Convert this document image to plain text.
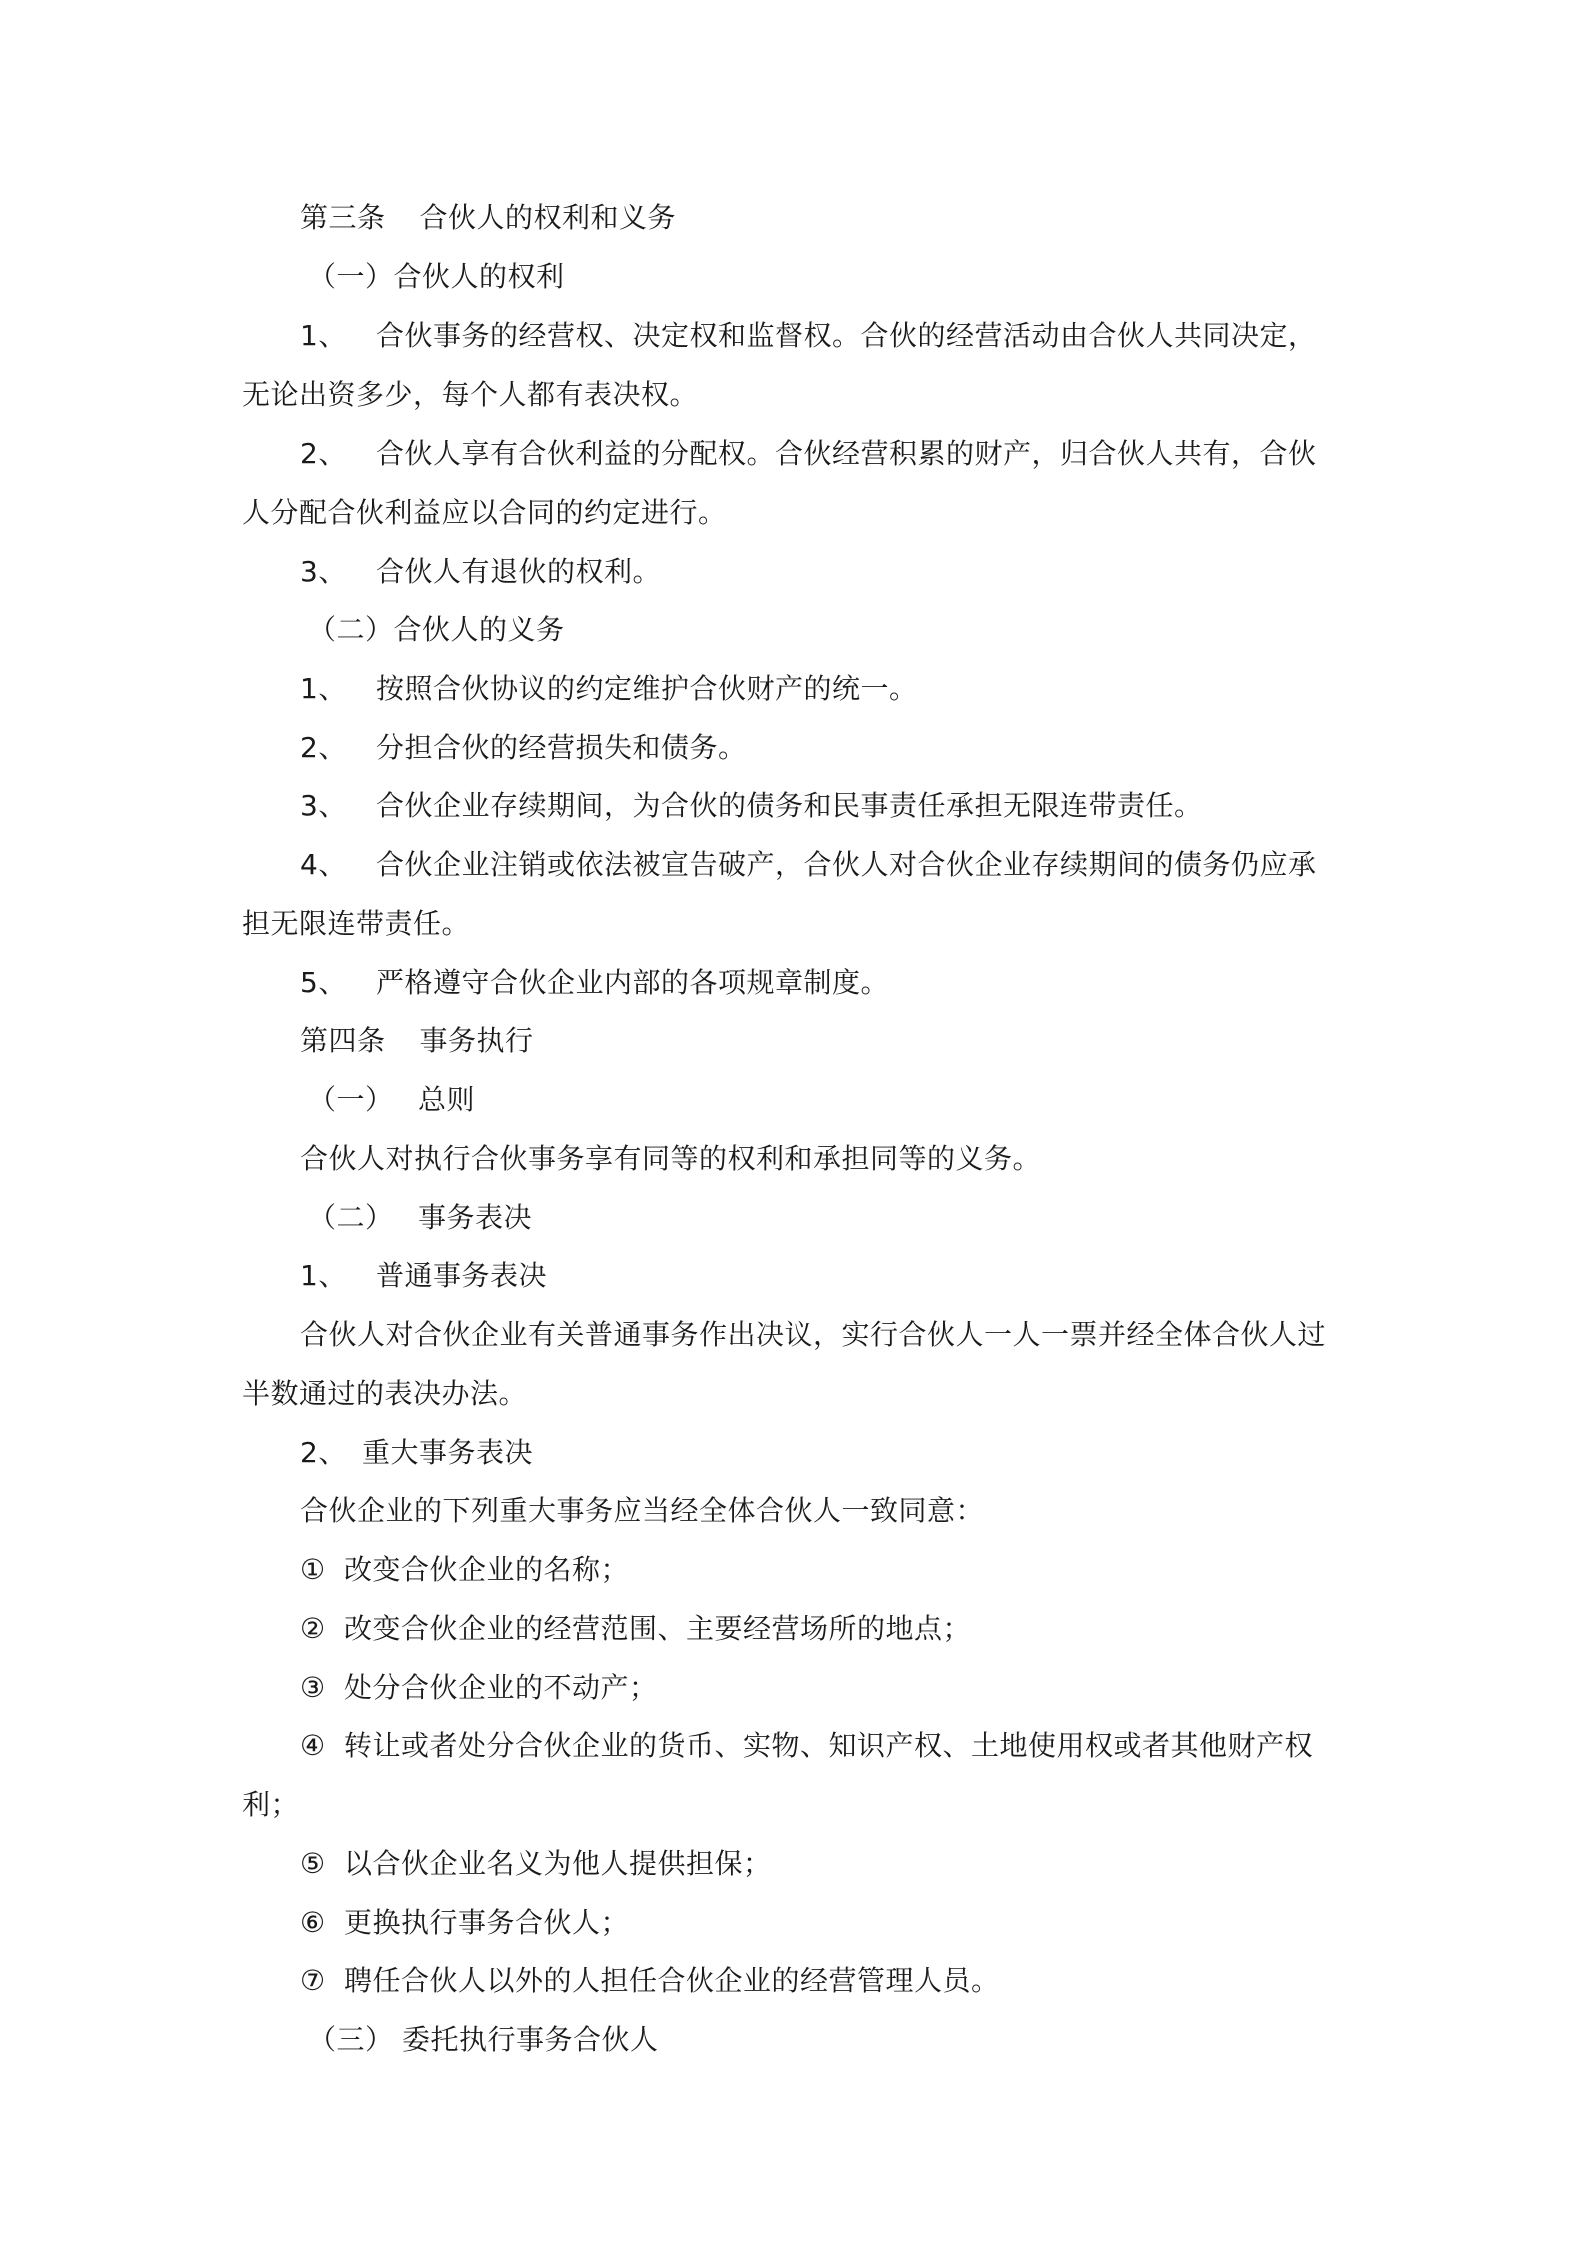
第三条 合伙人的权利和义务
（一）合伙人的权利
1、 合伙事务的经营权、决定权和监督权。合伙的经营活动由合伙人共同决定，
无论出资多少，每个人都有表决权。
2、 合伙人享有合伙利益的分配权。合伙经营积累的财产，归合伙人共有，合伙
人分配合伙利益应以合同的约定进行。
3、 合伙人有退伙的权利。
（二）合伙人的义务
1、 按照合伙协议的约定维护合伙财产的统一。
2、 分担合伙的经营损失和债务。
3、 合伙企业存续期间，为合伙的债务和民事责任承担无限连带责任。
4、 合伙企业注销或依法被宣告破产，合伙人对合伙企业存续期间的债务仍应承
担无限连带责任。
5、 严格遵守合伙企业内部的各项规章制度。
第四条 事务执行
（一） 总则
合伙人对执行合伙事务享有同等的权利和承担同等的义务。
（二） 事务表决
1、 普通事务表决
合伙人对合伙企业有关普通事务作出决议，实行合伙人一人一票并经全体合伙人过
半数通过的表决办法。
2、 重大事务表决
合伙企业的下列重大事务应当经全体合伙人一致同意：
① 改变合伙企业的名称；
② 改变合伙企业的经营范围、主要经营场所的地点；
③ 处分合伙企业的不动产；
④ 转让或者处分合伙企业的货币、实物、知识产权、土地使用权或者其他财产权
利；
⑤ 以合伙企业名义为他人提供担保；
⑥ 更换执行事务合伙人；
⑦ 聘任合伙人以外的人担任合伙企业的经营管理人员。
（三） 委托执行事务合伙人
